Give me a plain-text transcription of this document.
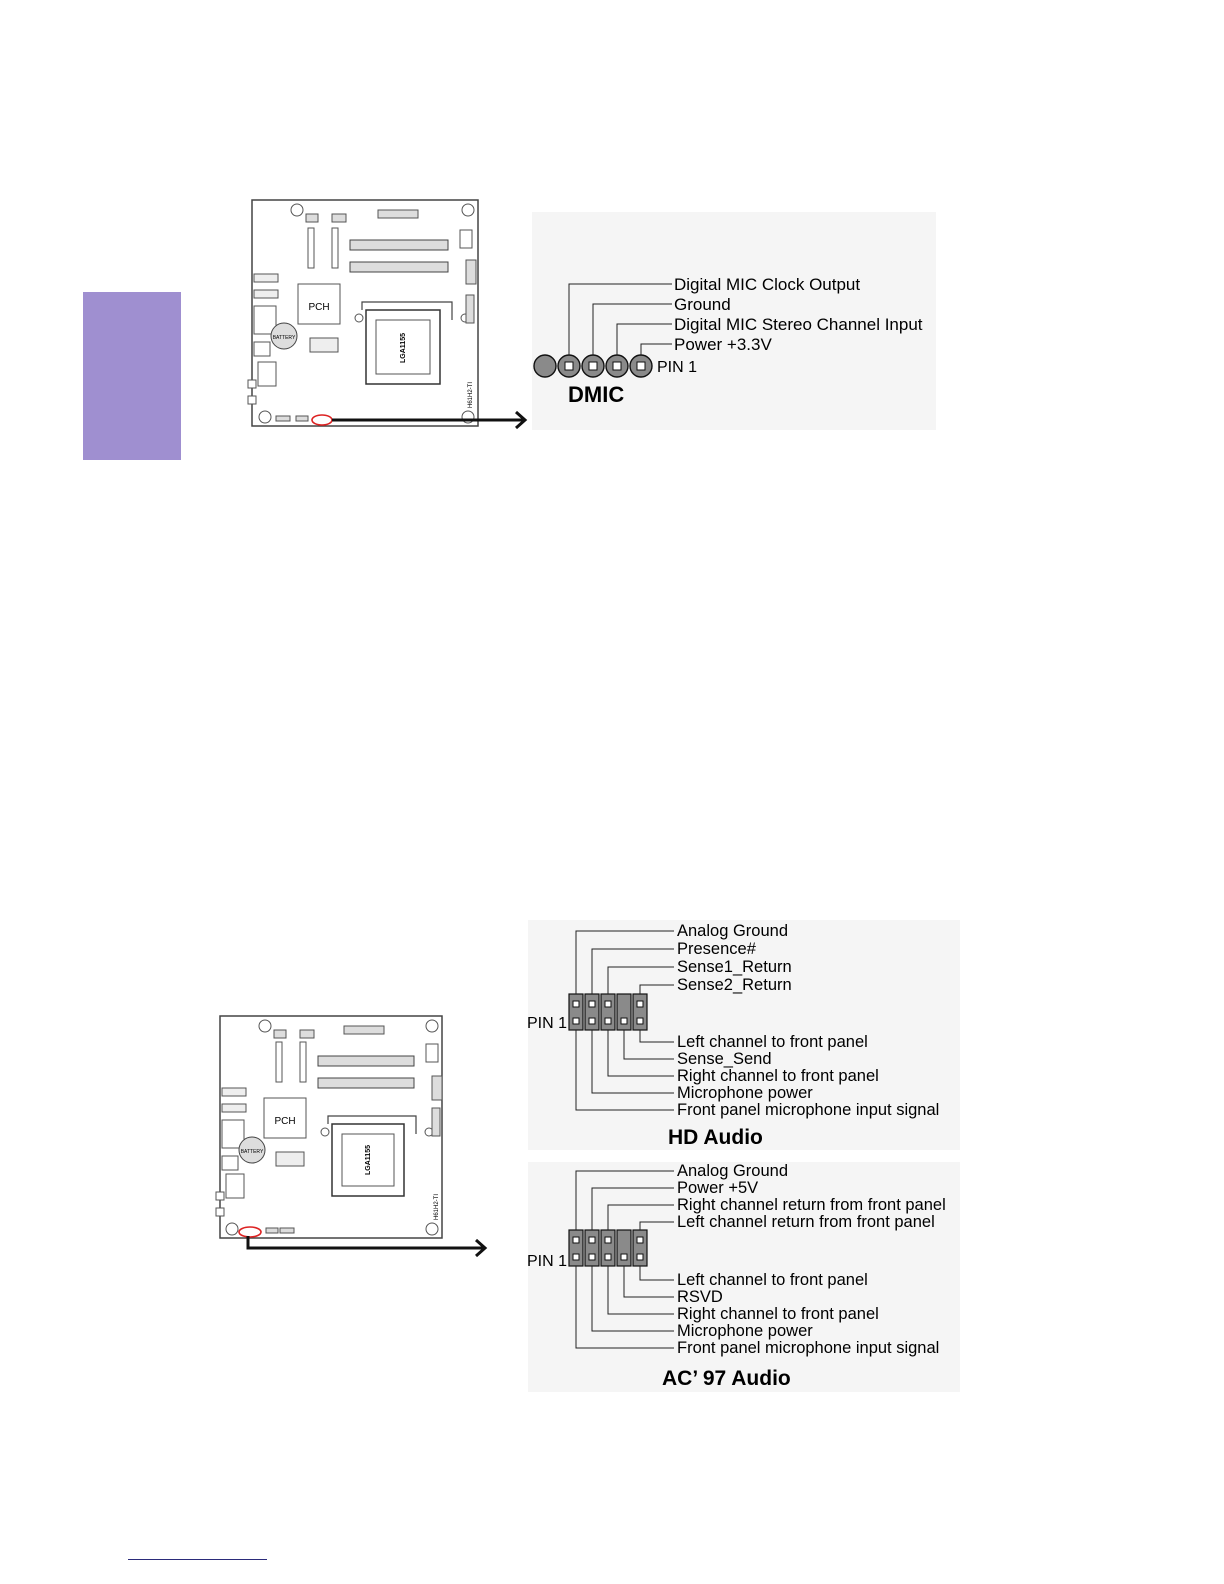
PCH
BATTERY	LGA1155
H61H2-TI
Digital MIC Clock Output
Ground
Digital MIC Stereo Channel Input
Power +3.3V
PIN 1
DMIC
PCH
BATTERY	LGA1155
H61H2-TI
Analog Ground
Presence#
Sense1_Return
Sense2_Return
Left channel to front panel
Sense_Send
Right channel to front panel
Microphone power
Front panel microphone input signal
PIN 1
HD Audio
Analog Ground
Power +5V
Right channel return from front panel
Left channel return from front panel
Left channel to front panel
RSVD
Right channel to front panel
Microphone power
Front panel microphone input signal
PIN 1
AC’ 97 Audio
